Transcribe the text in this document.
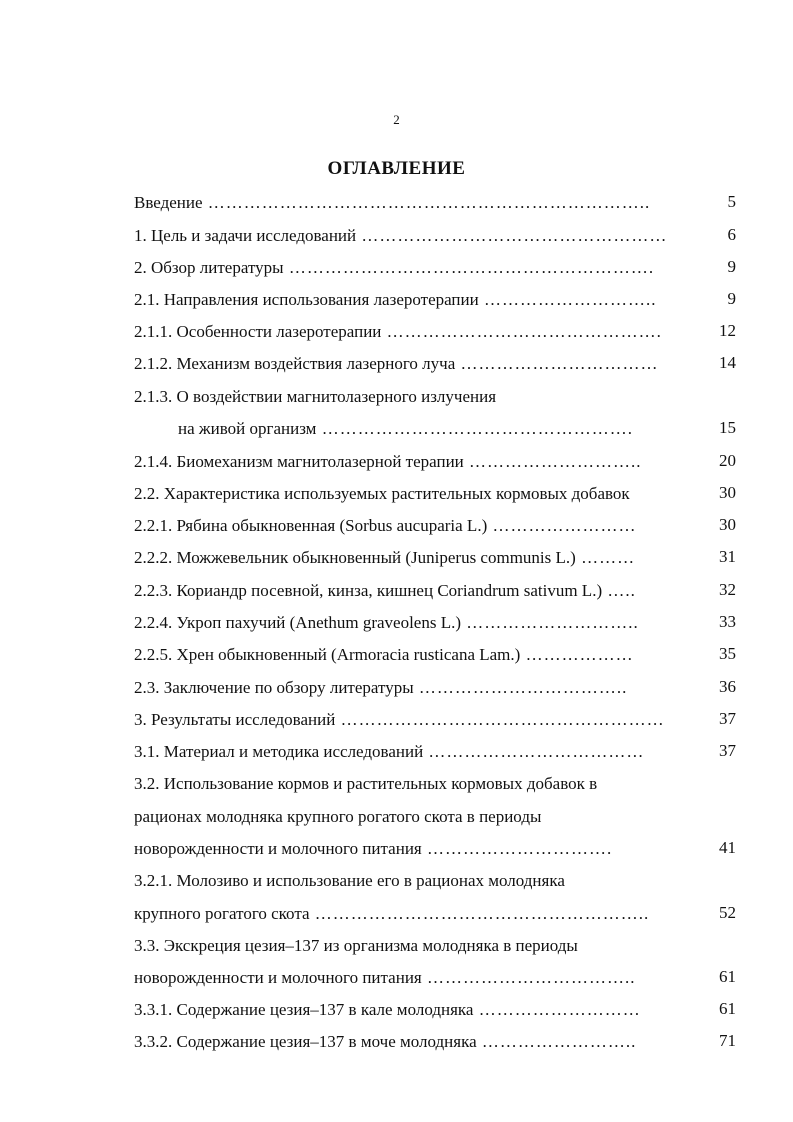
2
ОГЛАВЛЕНИЕ
Введение ………………………………………………………………..	5
1. Цель и задачи исследований ……………………………………………	6
2. Обзор литературы …………………………………………………….	9
2.1. Направления использования лазеротерапии ………………………..	9
2.1.1. Особенности лазеротерапии ……………………………………….	12
2.1.2. Механизм воздействия лазерного луча ……………………………	14
2.1.3. О воздействии магнитолазерного излучения
на живой организм …………………………………………….	15
2.1.4. Биомеханизм магнитолазерной терапии ………………………..	20
2.2. Характеристика используемых растительных кормовых добавок	30
2.2.1. Рябина обыкновенная (Sorbus aucuparia L.) ……………………	30
2.2.2. Можжевельник обыкновенный (Juniperus communis L.) ………	31
2.2.3. Кориандр посевной, кинза, кишнец Coriandrum sativum L.) …..	32
2.2.4. Укроп пахучий (Anethum graveolens L.) ………………………..	33
2.2.5. Хрен обыкновенный (Armoracia rusticana Lam.) ………………	35
2.3. Заключение по обзору литературы ……………………………..	36
3. Результаты исследований ………………………………………………	37
3.1. Материал и методика исследований ………………………………	37
3.2. Использование кормов и растительных кормовых добавок в
рационах молодняка крупного рогатого скота в периоды
новорожденности и молочного питания ………………………….	41
3.2.1. Молозиво и использование его в рационах молодняка
крупного рогатого скота ………………………………………………..	52
3.3. Экскреция цезия–137 из организма молодняка в периоды
новорожденности и молочного питания ……………………………..	61
3.3.1. Содержание цезия–137 в кале молодняка ………………………	61
3.3.2. Содержание цезия–137 в моче молодняка ……………………..	71
